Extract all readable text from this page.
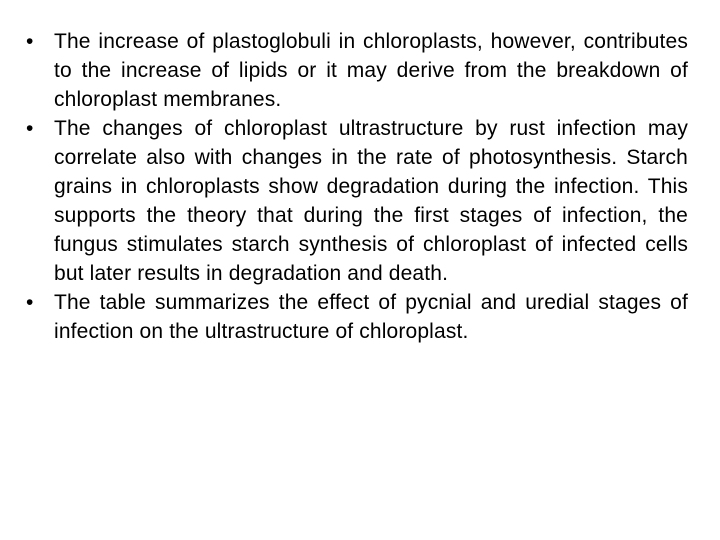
• The increase of plastoglobuli in chloroplasts, however, contributes to the increase of lipids or it may derive from the breakdown of chloroplast membranes.
• The changes of chloroplast ultrastructure by rust infection may correlate also with changes in the rate of photosynthesis. Starch grains in chloroplasts show degradation during the infection. This supports the theory that during the first stages of infection, the fungus stimulates starch synthesis of chloroplast of infected cells but later results in degradation and death.
• The table summarizes the effect of pycnial and uredial stages of infection on the ultrastructure of chloroplast.
